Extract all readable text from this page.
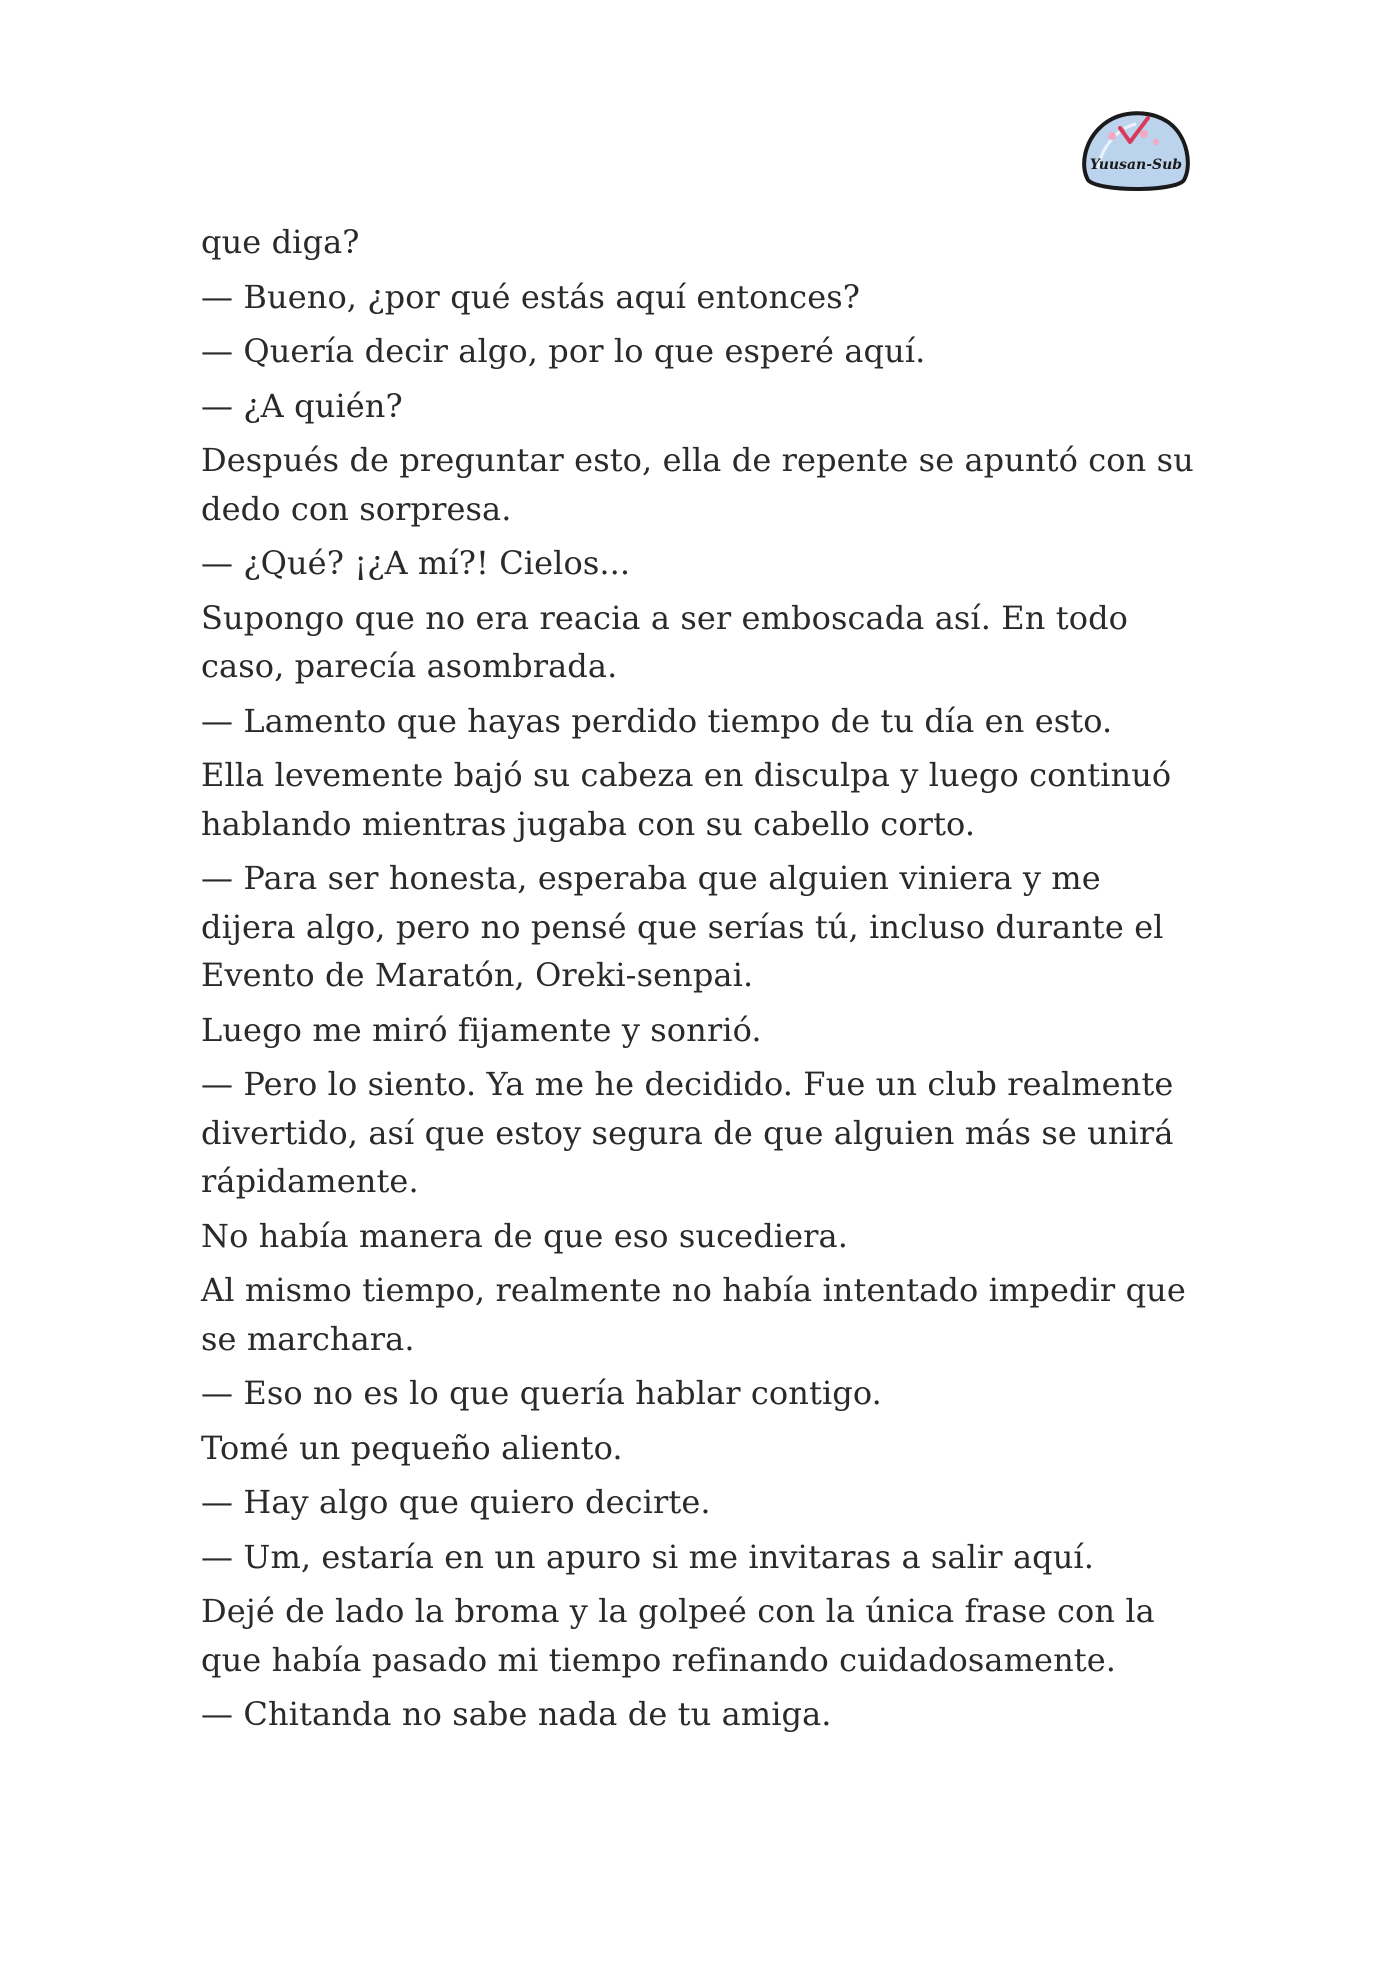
Yuusan-Sub

que diga?

— Bueno, ¿por qué estás aquí entonces?

— Quería decir algo, por lo que esperé aquí.

— ¿A quién?

Después de preguntar esto, ella de repente se apuntó con su dedo con sorpresa.

— ¿Qué? ¡¿A mí?! Cielos...

Supongo que no era reacia a ser emboscada así. En todo caso, parecía asombrada.

— Lamento que hayas perdido tiempo de tu día en esto.

Ella levemente bajó su cabeza en disculpa y luego continuó hablando mientras jugaba con su cabello corto.

— Para ser honesta, esperaba que alguien viniera y me dijera algo, pero no pensé que serías tú, incluso durante el Evento de Maratón, Oreki-senpai.

Luego me miró fijamente y sonrió.

— Pero lo siento. Ya me he decidido. Fue un club realmente divertido, así que estoy segura de que alguien más se unirá rápidamente.

No había manera de que eso sucediera.

Al mismo tiempo, realmente no había intentado impedir que se marchara.

— Eso no es lo que quería hablar contigo.

Tomé un pequeño aliento.

— Hay algo que quiero decirte.

— Um, estaría en un apuro si me invitaras a salir aquí.

Dejé de lado la broma y la golpeé con la única frase con la que había pasado mi tiempo refinando cuidadosamente.

— Chitanda no sabe nada de tu amiga.
